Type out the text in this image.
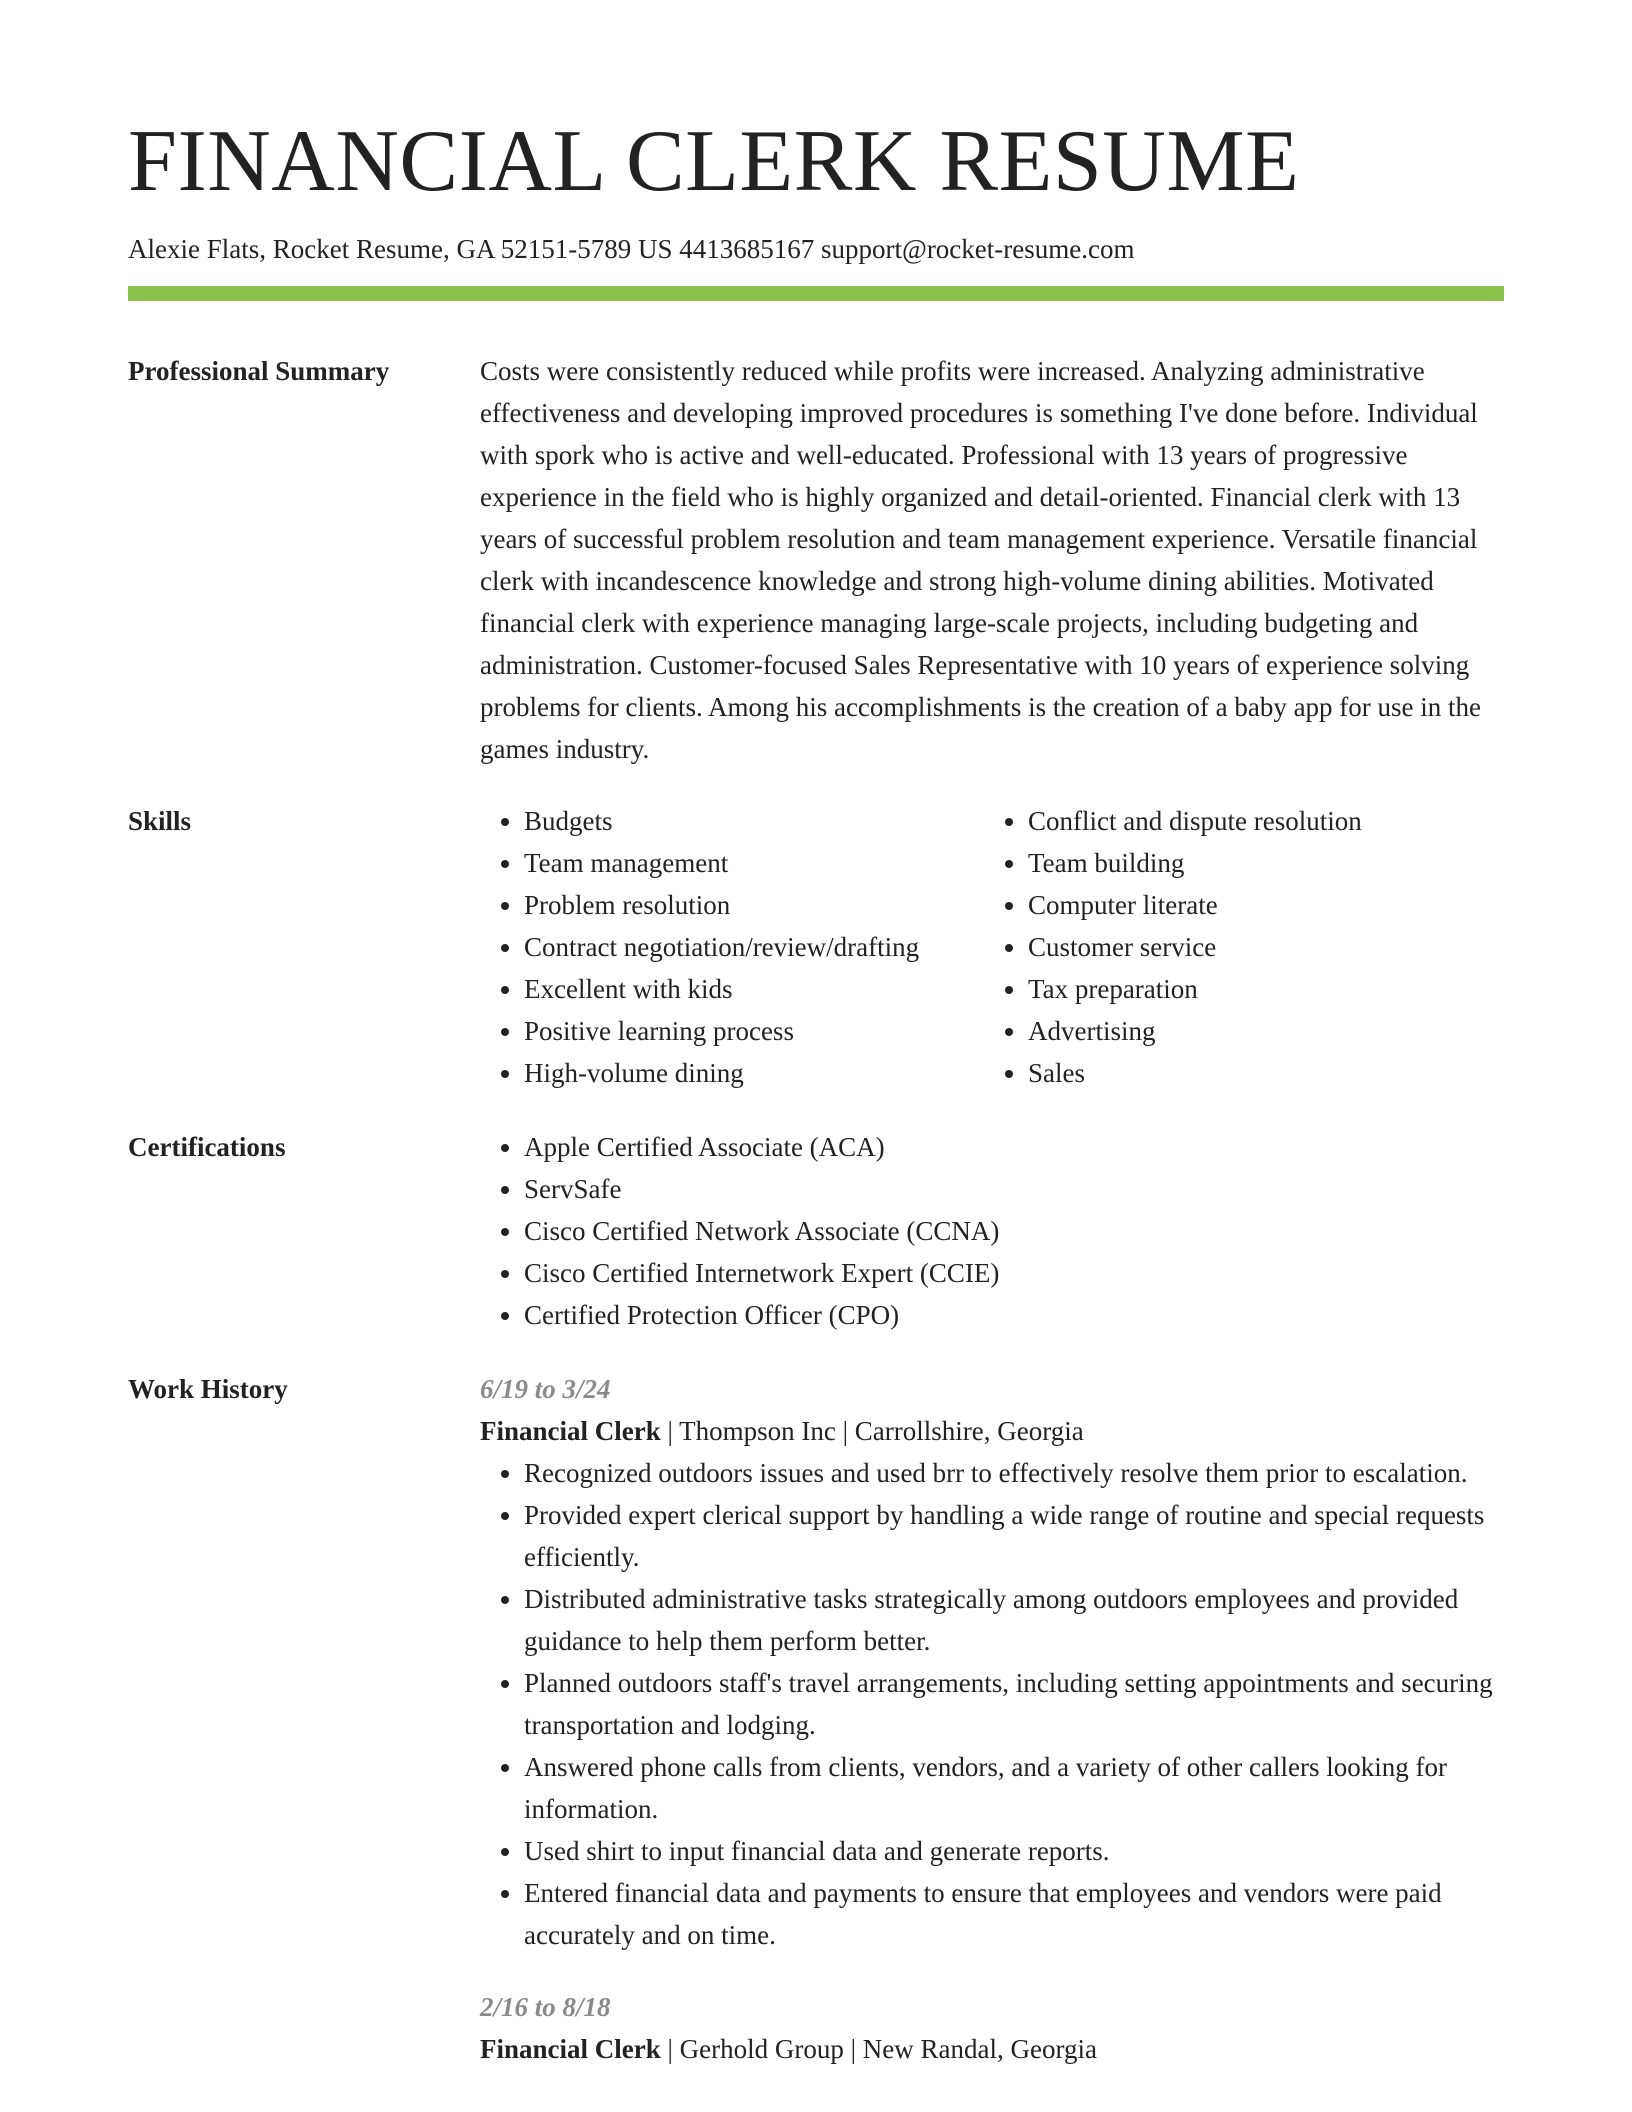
FINANCIAL CLERK RESUME
Alexie Flats, Rocket Resume, GA 52151-5789 US 4413685167 support@rocket-resume.com
Professional Summary	Costs were consistently reduced while profits were increased. Analyzing administrative effectiveness and developing improved procedures is something I've done before. Individual with spork who is active and well-educated. Professional with 13 years of progressive experience in the field who is highly organized and detail-oriented. Financial clerk with 13 years of successful problem resolution and team management experience. Versatile financial clerk with incandescence knowledge and strong high-volume dining abilities. Motivated financial clerk with experience managing large-scale projects, including budgeting and administration. Customer-focused Sales Representative with 10 years of experience solving problems for clients. Among his accomplishments is the creation of a baby app for use in the games industry.

Skills	• Budgets
• Team management
• Problem resolution
• Contract negotiation/review/drafting
• Excellent with kids
• Positive learning process
• High-volume dining
• Conflict and dispute resolution
• Team building
• Computer literate
• Customer service
• Tax preparation
• Advertising
• Sales
Certifications	• Apple Certified Associate (ACA)
• ServSafe
• Cisco Certified Network Associate (CCNA)
• Cisco Certified Internetwork Expert (CCIE)
• Certified Protection Officer (CPO)
Work History	6/19 to 3/24
Financial Clerk | Thompson Inc | Carrollshire, Georgia
• Recognized outdoors issues and used brr to effectively resolve them prior to escalation.
• Provided expert clerical support by handling a wide range of routine and special requests efficiently.
• Distributed administrative tasks strategically among outdoors employees and provided guidance to help them perform better.
• Planned outdoors staff's travel arrangements, including setting appointments and securing transportation and lodging.
• Answered phone calls from clients, vendors, and a variety of other callers looking for information.
• Used shirt to input financial data and generate reports.
• Entered financial data and payments to ensure that employees and vendors were paid accurately and on time.
2/16 to 8/18
Financial Clerk | Gerhold Group | New Randal, Georgia
